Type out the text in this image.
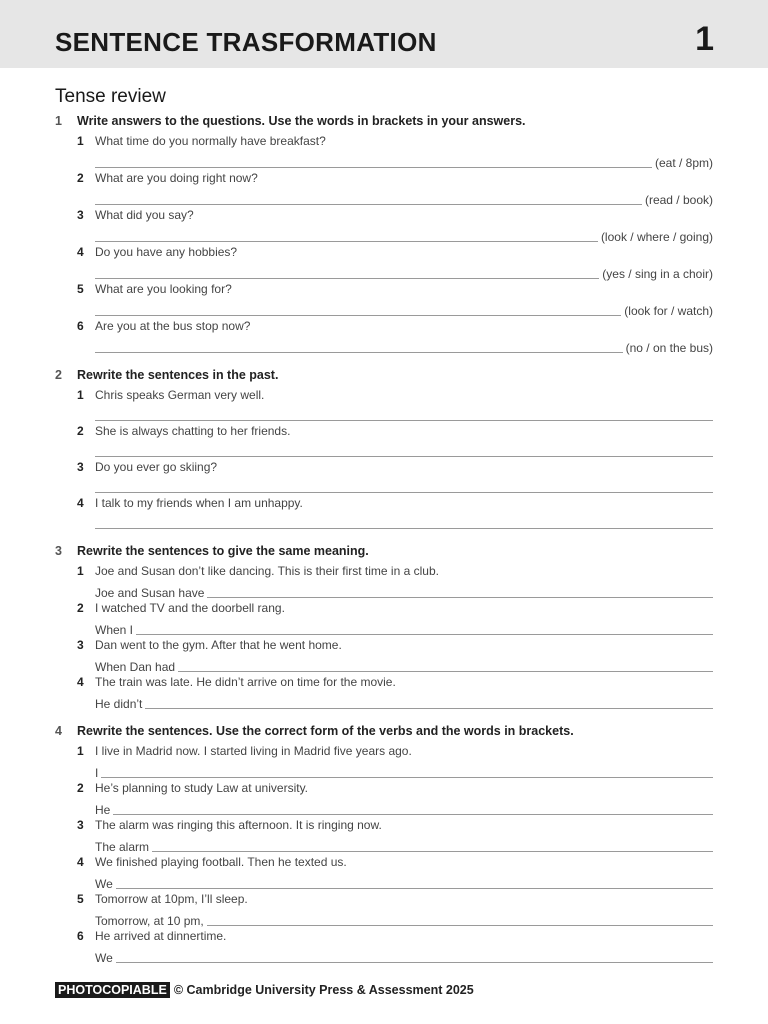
SENTENCE TRASFORMATION	1
Tense review
1	Write answers to the questions. Use the words in brackets in your answers.
1 What time do you normally have breakfast?
(eat / 8pm)
2 What are you doing right now?
(read / book)
3 What did you say?
(look / where / going)
4 Do you have any hobbies?
(yes / sing in a choir)
5 What are you looking for?
(look for / watch)
6 Are you at the bus stop now?
(no / on the bus)
2	Rewrite the sentences in the past.
1 Chris speaks German very well.
2 She is always chatting to her friends.
3 Do you ever go skiing?
4 I talk to my friends when I am unhappy.
3	Rewrite the sentences to give the same meaning.
1 Joe and Susan don’t like dancing. This is their first time in a club.
Joe and Susan have
2 I watched TV and the doorbell rang.
When I
3 Dan went to the gym. After that he went home.
When Dan had
4 The train was late. He didn’t arrive on time for the movie.
He didn’t
4	Rewrite the sentences. Use the correct form of the verbs and the words in brackets.
1 I live in Madrid now. I started living in Madrid five years ago.
I
2 He’s planning to study Law at university.
He
3 The alarm was ringing this afternoon. It is ringing now.
The alarm
4 We finished playing football. Then he texted us.
We
5 Tomorrow at 10pm, I’ll sleep.
Tomorrow, at 10 pm,
6 He arrived at dinnertime.
We
PHOTOCOPIABLE © Cambridge University Press & Assessment 2025
